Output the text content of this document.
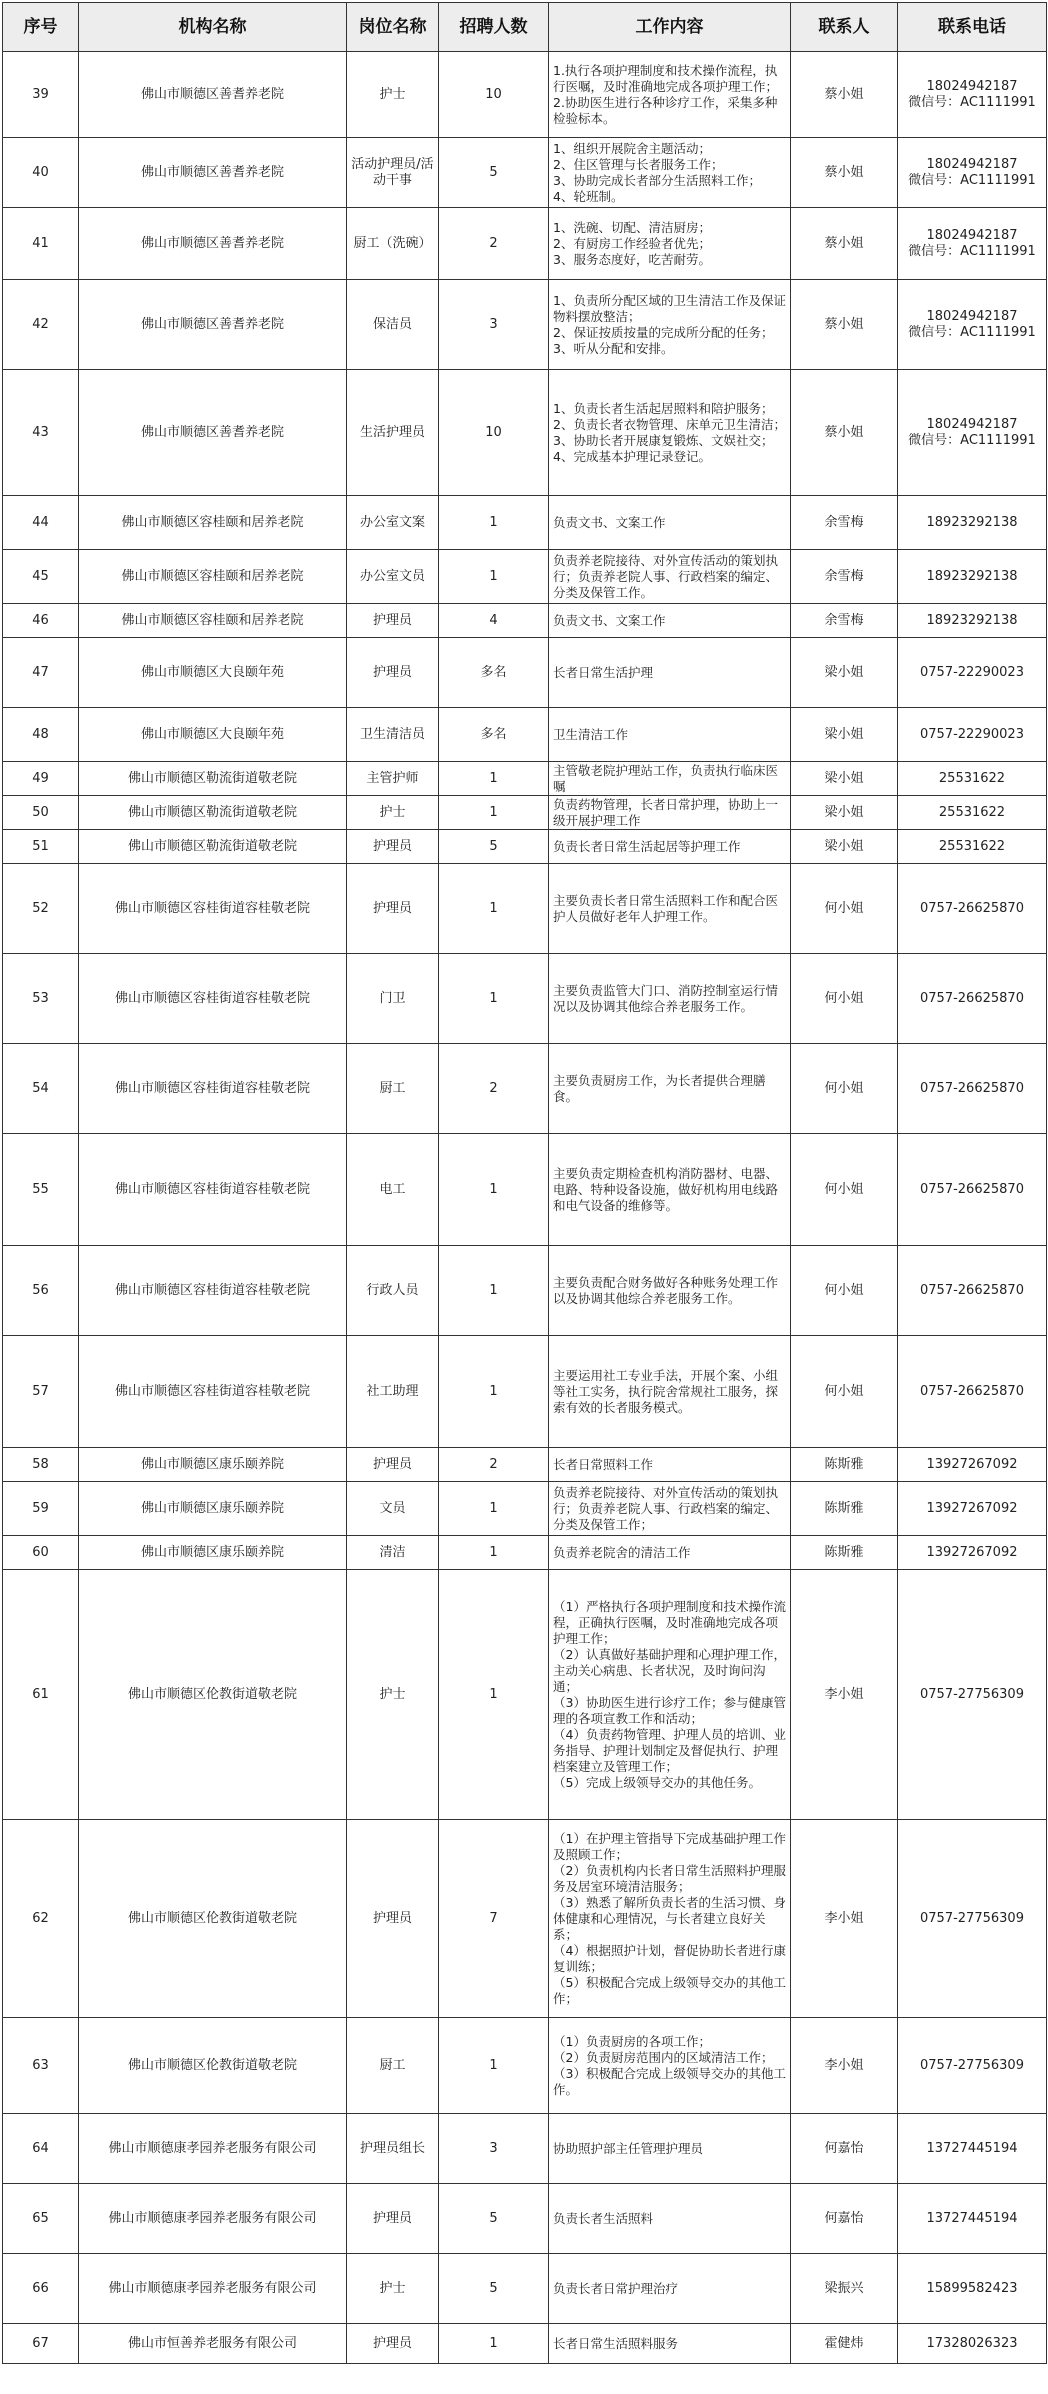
序号	机构名称	岗位名称	招聘人数	工作内容	联系人	联系电话
39	佛山市顺德区善耆养老院	护士	10	1.执行各项护理制度和技术操作流程，执行医嘱，及时准确地完成各项护理工作；
2.协助医生进行各种诊疗工作，采集多种检验标本。	蔡小姐	18024942187
微信号：AC1111991
40	佛山市顺德区善耆养老院	活动护理员/活动干事	5	1、组织开展院舍主题活动；
2、住区管理与长者服务工作；
3、协助完成长者部分生活照料工作；
4、轮班制。	蔡小姐	18024942187
微信号：AC1111991
41	佛山市顺德区善耆养老院	厨工（洗碗）	2	1、洗碗、切配、清洁厨房；
2、有厨房工作经验者优先；
3、服务态度好，吃苦耐劳。	蔡小姐	18024942187
微信号：AC1111991
42	佛山市顺德区善耆养老院	保洁员	3	1、负责所分配区域的卫生清洁工作及保证物料摆放整洁；
2、保证按质按量的完成所分配的任务；
3、听从分配和安排。	蔡小姐	18024942187
微信号：AC1111991
43	佛山市顺德区善耆养老院	生活护理员	10	1、负责长者生活起居照料和陪护服务；
2、负责长者衣物管理、床单元卫生清洁；
3、协助长者开展康复锻炼、文娱社交；
4、完成基本护理记录登记。	蔡小姐	18024942187
微信号：AC1111991
44	佛山市顺德区容桂颐和居养老院	办公室文案	1	负责文书、文案工作	余雪梅	18923292138
45	佛山市顺德区容桂颐和居养老院	办公室文员	1	负责养老院接待、对外宣传活动的策划执行；负责养老院人事、行政档案的编定、分类及保管工作。	余雪梅	18923292138
46	佛山市顺德区容桂颐和居养老院	护理员	4	负责文书、文案工作	余雪梅	18923292138
47	佛山市顺德区大良颐年苑	护理员	多名	长者日常生活护理	梁小姐	0757-22290023
48	佛山市顺德区大良颐年苑	卫生清洁员	多名	卫生清洁工作	梁小姐	0757-22290023
49	佛山市顺德区勒流街道敬老院	主管护师	1	主管敬老院护理站工作，负责执行临床医嘱	梁小姐	25531622
50	佛山市顺德区勒流街道敬老院	护士	1	负责药物管理，长者日常护理，协助上一级开展护理工作	梁小姐	25531622
51	佛山市顺德区勒流街道敬老院	护理员	5	负责长者日常生活起居等护理工作	梁小姐	25531622
52	佛山市顺德区容桂街道容桂敬老院	护理员	1	主要负责长者日常生活照料工作和配合医护人员做好老年人护理工作。	何小姐	0757-26625870
53	佛山市顺德区容桂街道容桂敬老院	门卫	1	主要负责监管大门口、消防控制室运行情况以及协调其他综合养老服务工作。	何小姐	0757-26625870
54	佛山市顺德区容桂街道容桂敬老院	厨工	2	主要负责厨房工作，为长者提供合理膳食。	何小姐	0757-26625870
55	佛山市顺德区容桂街道容桂敬老院	电工	1	主要负责定期检查机构消防器材、电器、电路、特种设备设施，做好机构用电线路和电气设备的维修等。	何小姐	0757-26625870
56	佛山市顺德区容桂街道容桂敬老院	行政人员	1	主要负责配合财务做好各种账务处理工作以及协调其他综合养老服务工作。	何小姐	0757-26625870
57	佛山市顺德区容桂街道容桂敬老院	社工助理	1	主要运用社工专业手法，开展个案、小组等社工实务，执行院舍常规社工服务，探索有效的长者服务模式。	何小姐	0757-26625870
58	佛山市顺德区康乐颐养院	护理员	2	长者日常照料工作	陈斯雅	13927267092
59	佛山市顺德区康乐颐养院	文员	1	负责养老院接待、对外宣传活动的策划执行；负责养老院人事、行政档案的编定、分类及保管工作；	陈斯雅	13927267092
60	佛山市顺德区康乐颐养院	清洁	1	负责养老院舍的清洁工作	陈斯雅	13927267092
61	佛山市顺德区伦教街道敬老院	护士	1	（1）严格执行各项护理制度和技术操作流程，正确执行医嘱，及时准确地完成各项护理工作；
（2）认真做好基础护理和心理护理工作，主动关心病患、长者状况，及时询问沟通；
（3）协助医生进行诊疗工作；参与健康管理的各项宣教工作和活动；
（4）负责药物管理、护理人员的培训、业务指导、护理计划制定及督促执行、护理档案建立及管理工作；
（5）完成上级领导交办的其他任务。	李小姐	0757-27756309
62	佛山市顺德区伦教街道敬老院	护理员	7	（1）在护理主管指导下完成基础护理工作及照顾工作；
（2）负责机构内长者日常生活照料护理服务及居室环境清洁服务；
（3）熟悉了解所负责长者的生活习惯、身体健康和心理情况，与长者建立良好关系；
（4）根据照护计划，督促协助长者进行康复训练；
（5）积极配合完成上级领导交办的其他工作；	李小姐	0757-27756309
63	佛山市顺德区伦教街道敬老院	厨工	1	（1）负责厨房的各项工作；
（2）负责厨房范围内的区域清洁工作；
（3）积极配合完成上级领导交办的其他工作。	李小姐	0757-27756309
64	佛山市顺德康孝园养老服务有限公司	护理员组长	3	协助照护部主任管理护理员	何嘉怡	13727445194
65	佛山市顺德康孝园养老服务有限公司	护理员	5	负责长者生活照料	何嘉怡	13727445194
66	佛山市顺德康孝园养老服务有限公司	护士	5	负责长者日常护理治疗	梁振兴	15899582423
67	佛山市恒善养老服务有限公司	护理员	1	长者日常生活照料服务	霍健炜	17328026323
